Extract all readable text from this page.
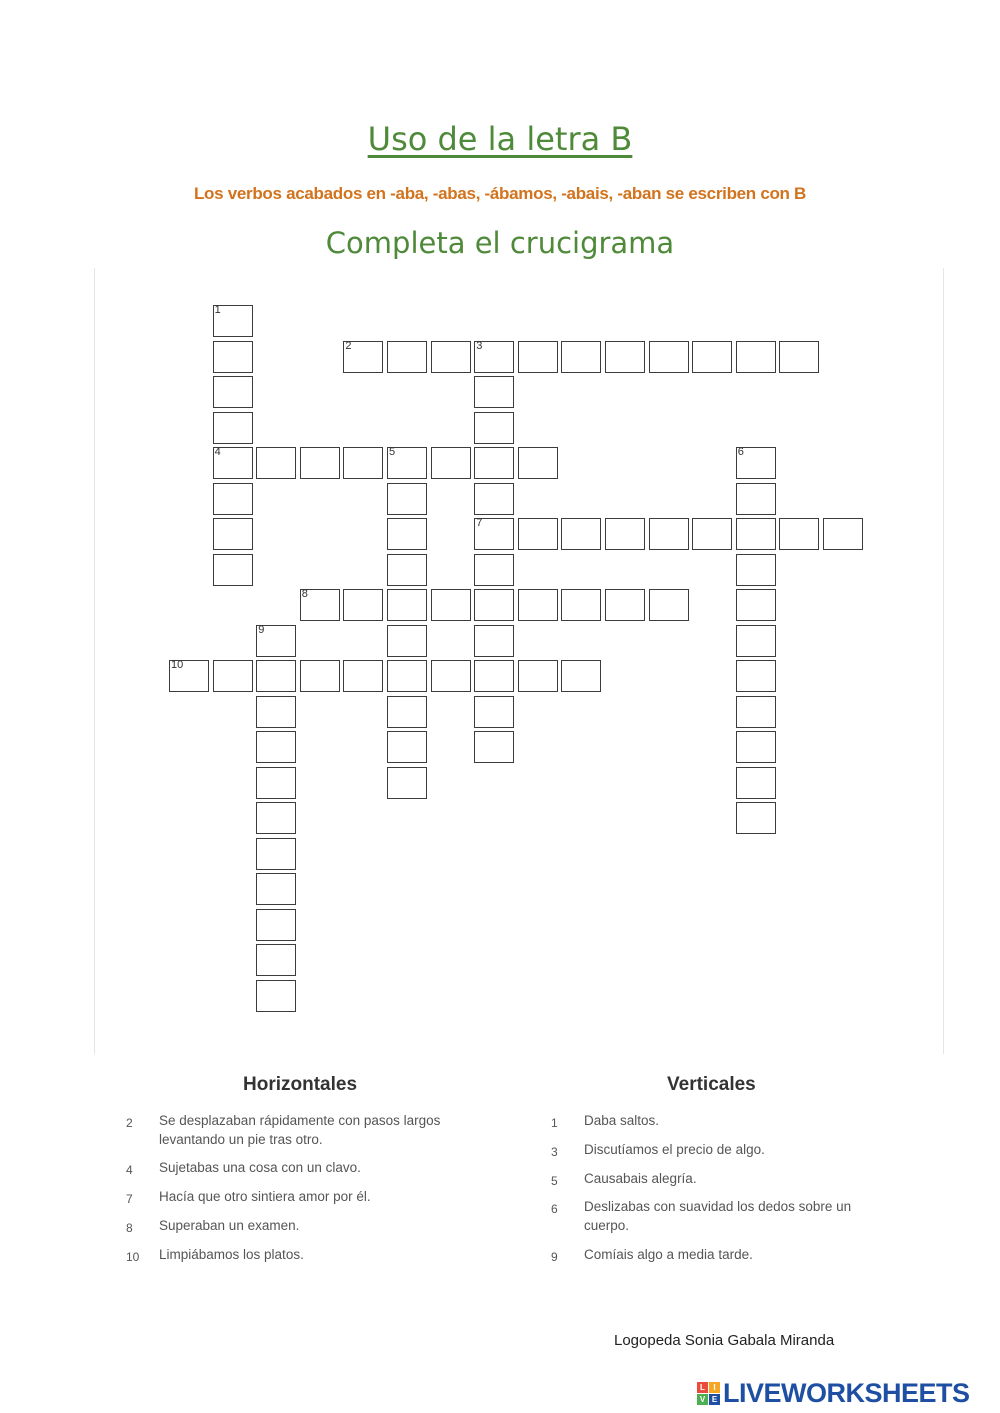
Uso de la letra B
Los verbos acabados en -aba, -abas, -ábamos, -abais, -aban se escriben con B
Completa el crucigrama
1
4
2	3
7
5	6
8
9
10
Horizontales	Verticales
2 Se desplazaban rápidamente con pasos largos
levantando un pie tras otro.
4 Sujetabas una cosa con un clavo.
7 Hacía que otro sintiera amor por él.
8 Superaban un examen.
10 Limpiábamos los platos.
1 Daba saltos.
3 Discutíamos el precio de algo.
5 Causabais alegría.
6 Deslizabas con suavidad los dedos sobre un
cuerpo.
9 Comíais algo a media tarde.
Logopeda Sonia Gabala Miranda
L	I
V E LIVEWORKSHEETS
